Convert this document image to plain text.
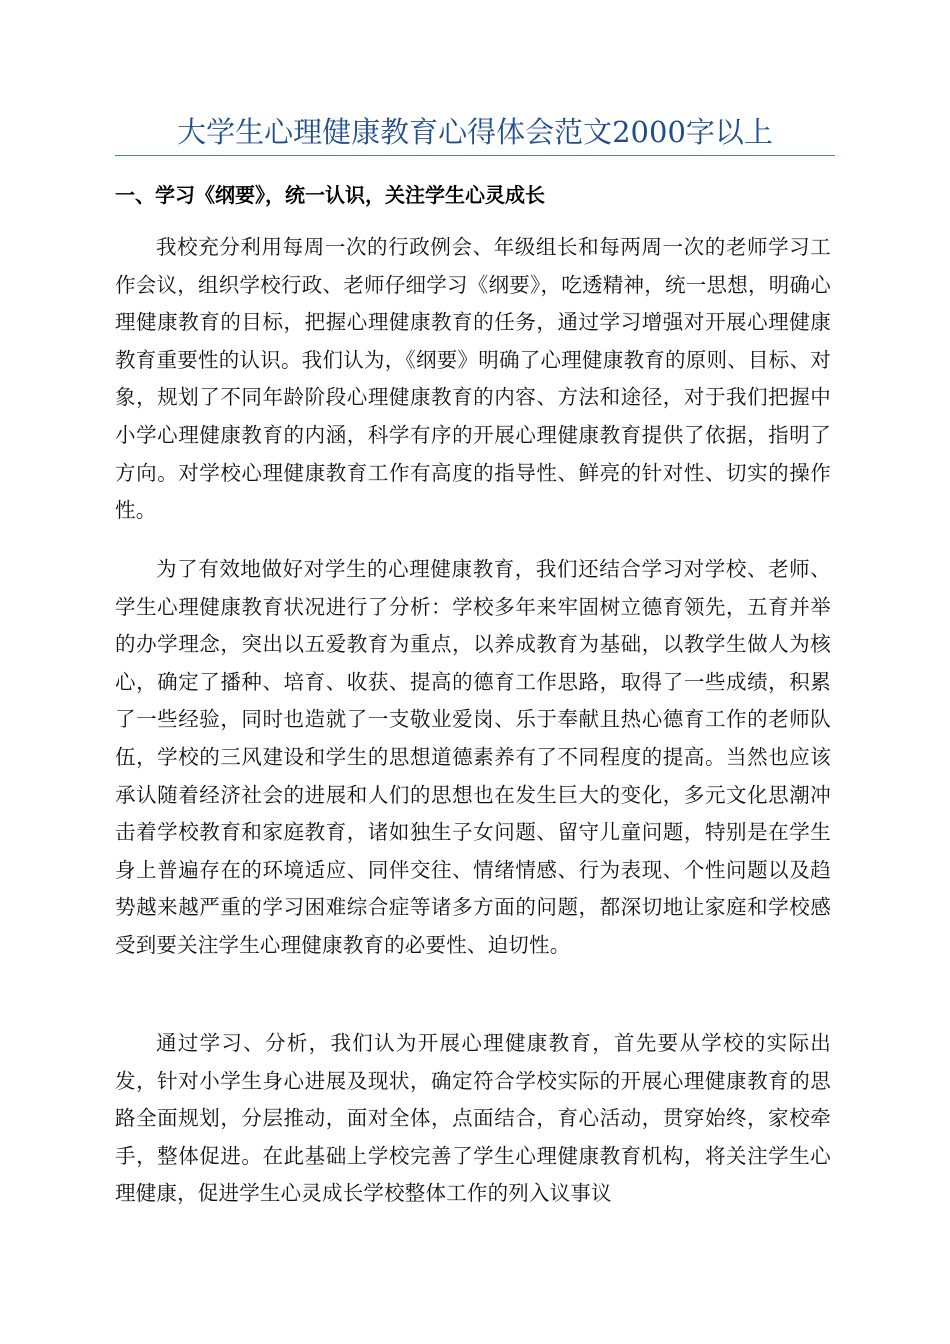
大学生心理健康教育心得体会范文2000字以上
一、学习《纲要》，统一认识，关注学生心灵成长

我校充分利用每周一次的行政例会、年级组长和每两周一次的老师学习工作会议，组织学校行政、老师仔细学习《纲要》，吃透精神，统一思想，明确心理健康教育的目标，把握心理健康教育的任务，通过学习增强对开展心理健康教育重要性的认识。我们认为，《纲要》明确了心理健康教育的原则、目标、对象，规划了不同年龄阶段心理健康教育的内容、方法和途径，对于我们把握中小学心理健康教育的内涵，科学有序的开展心理健康教育提供了依据，指明了方向。对学校心理健康教育工作有高度的指导性、鲜亮的针对性、切实的操作性。

为了有效地做好对学生的心理健康教育，我们还结合学习对学校、老师、学生心理健康教育状况进行了分析：学校多年来牢固树立德育领先，五育并举的办学理念，突出以五爱教育为重点，以养成教育为基础，以教学生做人为核心，确定了播种、培育、收获、提高的德育工作思路，取得了一些成绩，积累了一些经验，同时也造就了一支敬业爱岗、乐于奉献且热心德育工作的老师队伍，学校的三风建设和学生的思想道德素养有了不同程度的提高。当然也应该承认随着经济社会的进展和人们的思想也在发生巨大的变化，多元文化思潮冲击着学校教育和家庭教育，诸如独生子女问题、留守儿童问题，特别是在学生身上普遍存在的环境适应、同伴交往、情绪情感、行为表现、个性问题以及趋势越来越严重的学习困难综合症等诸多方面的问题，都深切地让家庭和学校感受到要关注学生心理健康教育的必要性、迫切性。

通过学习、分析，我们认为开展心理健康教育，首先要从学校的实际出发，针对小学生身心进展及现状，确定符合学校实际的开展心理健康教育的思路全面规划，分层推动，面对全体，点面结合，育心活动，贯穿始终，家校牵手，整体促进。在此基础上学校完善了学生心理健康教育机构，将关注学生心理健康，促进学生心灵成长学校整体工作的列入议事议
